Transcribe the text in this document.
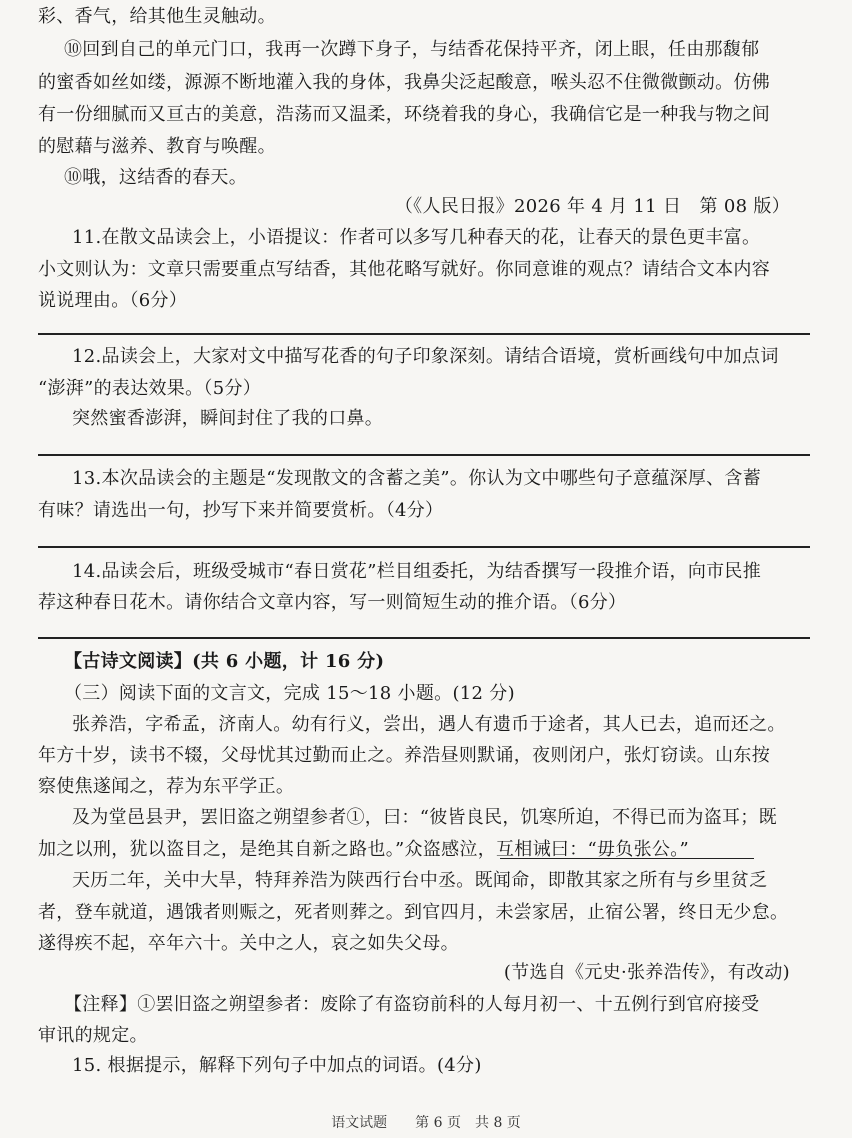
彩、香气，给其他生灵触动。
⑩回到自己的单元门口，我再一次蹲下身子，与结香花保持平齐，闭上眼，任由那馥郁
的蜜香如丝如缕，源源不断地灌入我的身体，我鼻尖泛起酸意，喉头忍不住微微颤动。仿佛
有一份细腻而又亘古的美意，浩荡而又温柔，环绕着我的身心，我确信它是一种我与物之间
的慰藉与滋养、教育与唤醒。
⑩哦，这结香的春天。
（《人民日报》2026 年 4 月 11 日　第 08 版）
11.在散文品读会上，小语提议：作者可以多写几种春天的花，让春天的景色更丰富。
小文则认为：文章只需要重点写结香，其他花略写就好。你同意谁的观点？请结合文本内容
说说理由。（6分）
12.品读会上，大家对文中描写花香的句子印象深刻。请结合语境，赏析画线句中加点词
“澎湃”的表达效果。（5分）
突然蜜香澎湃，瞬间封住了我的口鼻。
13.本次品读会的主题是“发现散文的含蓄之美”。你认为文中哪些句子意蕴深厚、含蓄
有味？请选出一句，抄写下来并简要赏析。（4分）
14.品读会后，班级受城市“春日赏花”栏目组委托，为结香撰写一段推介语，向市民推
荐这种春日花木。请你结合文章内容，写一则简短生动的推介语。（6分）
【古诗文阅读】(共 6 小题，计 16 分)
（三）阅读下面的文言文，完成 15～18 小题。(12 分)
张养浩，字希孟，济南人。幼有行义，尝出，遇人有遗币于途者，其人已去，追而还之。
年方十岁，读书不辍，父母忧其过勤而止之。养浩昼则默诵，夜则闭户，张灯窃读。山东按
察使焦遂闻之，荐为东平学正。
及为堂邑县尹，罢旧盗之朔望参者①，曰：“彼皆良民，饥寒所迫，不得已而为盗耳；既
加之以刑，犹以盗目之，是绝其自新之路也。”众盗感泣，互相诫曰：“毋负张公。”
天历二年，关中大旱，特拜养浩为陕西行台中丞。既闻命，即散其家之所有与乡里贫乏
者，登车就道，遇饿者则赈之，死者则葬之。到官四月，未尝家居，止宿公署，终日无少怠。
遂得疾不起，卒年六十。关中之人，哀之如失父母。
(节选自《元史·张养浩传》，有改动)
【注释】①罢旧盗之朔望参者：废除了有盗窃前科的人每月初一、十五例行到官府接受
审讯的规定。
15. 根据提示，解释下列句子中加点的词语。(4分)
语文试题　　第 6 页　共 8 页
